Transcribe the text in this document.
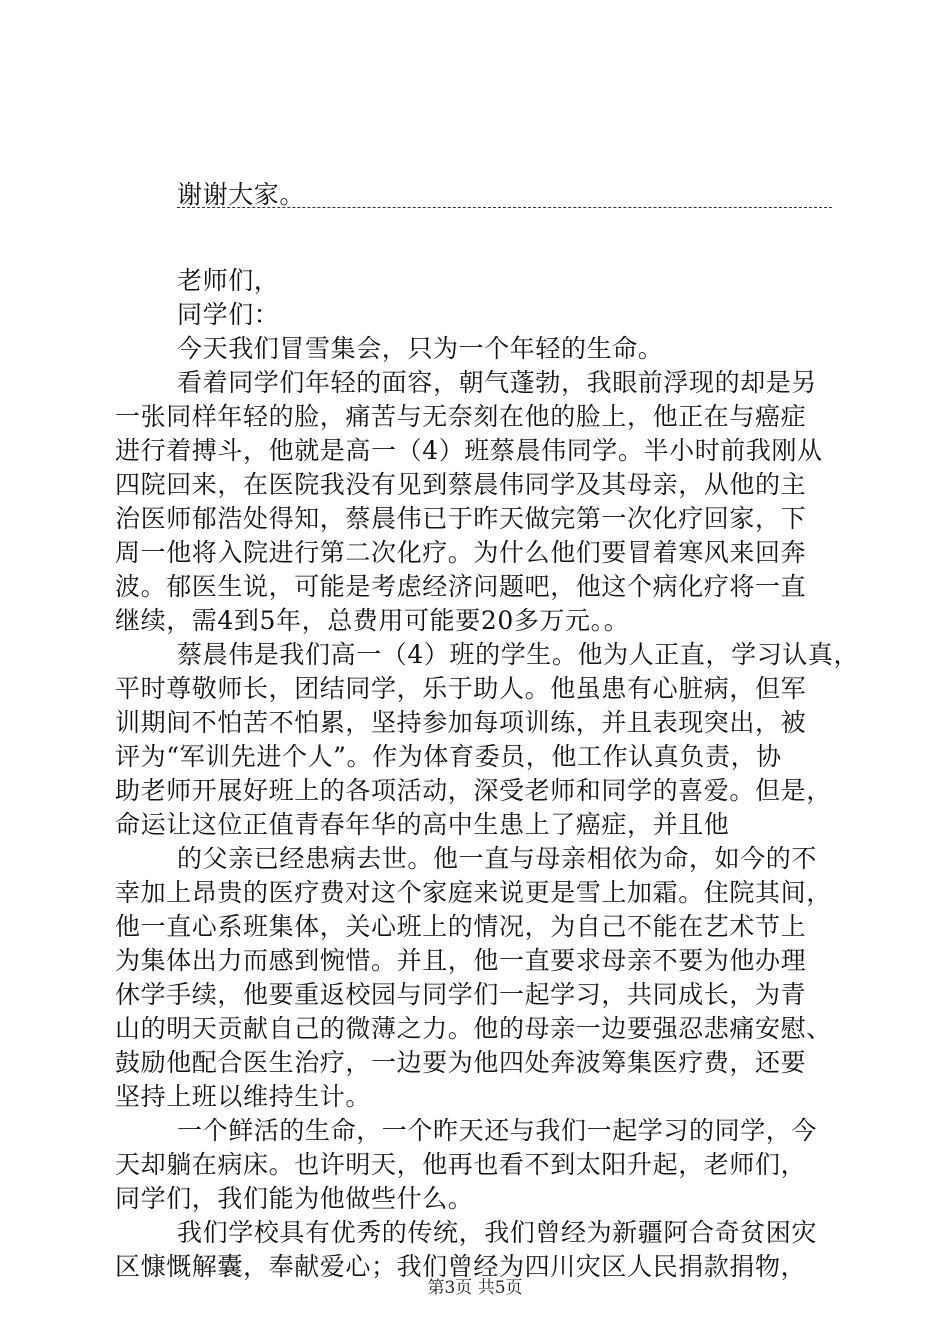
谢谢大家。
老师们，
同学们：
今天我们冒雪集会，只为一个年轻的生命。
看着同学们年轻的面容，朝气蓬勃，我眼前浮现的却是另
一张同样年轻的脸，痛苦与无奈刻在他的脸上，他正在与癌症
进行着搏斗，他就是高一（4）班蔡晨伟同学。半小时前我刚从
四院回来，在医院我没有见到蔡晨伟同学及其母亲，从他的主
治医师郁浩处得知，蔡晨伟已于昨天做完第一次化疗回家，下
周一他将入院进行第二次化疗。为什么他们要冒着寒风来回奔
波。郁医生说，可能是考虑经济问题吧，他这个病化疗将一直
继续，需4到5年，总费用可能要20多万元。。
蔡晨伟是我们高一（4）班的学生。他为人正直，学习认真，
平时尊敬师长，团结同学，乐于助人。他虽患有心脏病，但军
训期间不怕苦不怕累，坚持参加每项训练，并且表现突出，被
评为“军训先进个人”。作为体育委员，他工作认真负责，协
助老师开展好班上的各项活动，深受老师和同学的喜爱。但是，
命运让这位正值青春年华的高中生患上了癌症，并且他
的父亲已经患病去世。他一直与母亲相依为命，如今的不
幸加上昂贵的医疗费对这个家庭来说更是雪上加霜。住院其间，
他一直心系班集体，关心班上的情况，为自己不能在艺术节上
为集体出力而感到惋惜。并且，他一直要求母亲不要为他办理
休学手续，他要重返校园与同学们一起学习，共同成长，为青
山的明天贡献自己的微薄之力。他的母亲一边要强忍悲痛安慰、
鼓励他配合医生治疗，一边要为他四处奔波筹集医疗费，还要
坚持上班以维持生计。
一个鲜活的生命，一个昨天还与我们一起学习的同学，今
天却躺在病床。也许明天，他再也看不到太阳升起，老师们，
同学们，我们能为他做些什么。
我们学校具有优秀的传统，我们曾经为新疆阿合奇贫困灾
区慷慨解囊，奉献爱心；我们曾经为四川灾区人民捐款捐物，
第3页 共5页
